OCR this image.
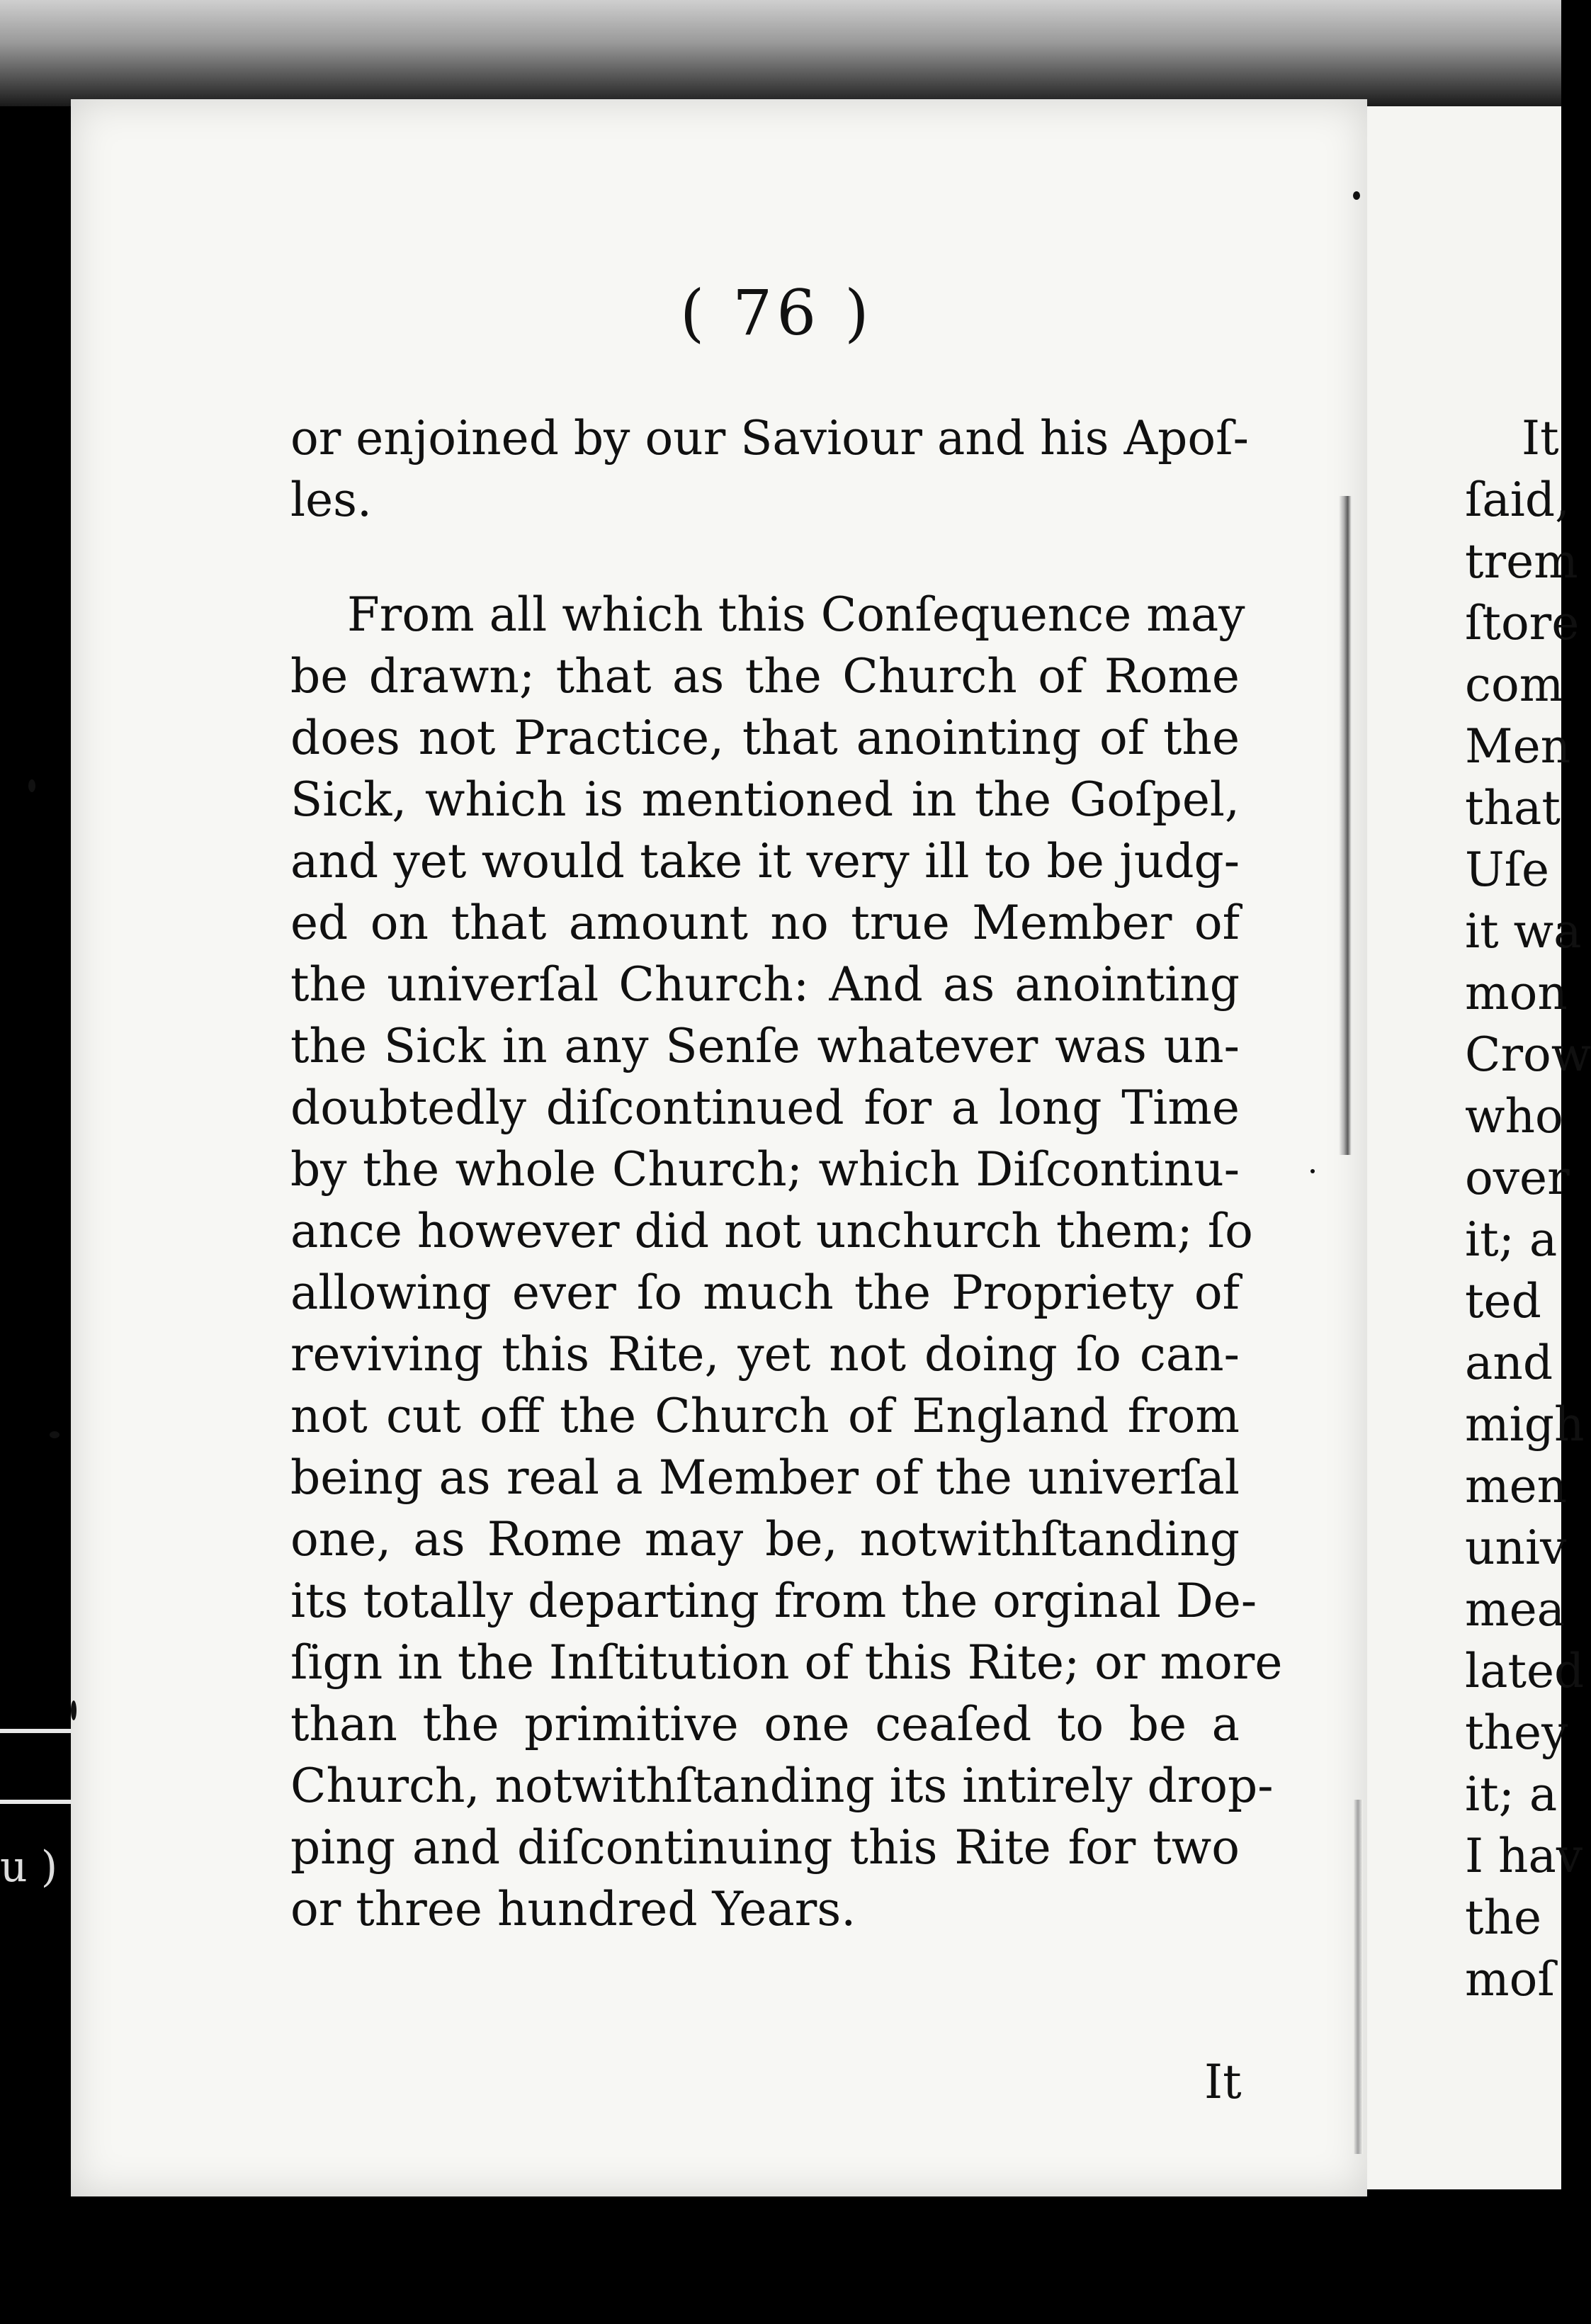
( 76 )
or enjoined by our Saviour and his Apoſ-
les.
From all which this Conſequence may
be drawn; that as the Church of Rome
does not Practice, that anointing of the
Sick, which is mentioned in the Goſpel,
and yet would take it very ill to be judg-
ed on that amount no true Member of
the univerſal Church: And as anointing
the Sick in any Senſe whatever was un-
doubtedly diſcontinued for a long Time
by the whole Church; which Diſcontinu-
ance however did not unchurch them; ſo
allowing ever ſo much the Propriety of
reviving this Rite, yet not doing ſo can-
not cut off the Church of England from
being as real a Member of the univerſal
one, as Rome may be, notwithſtanding
its totally departing from the orginal De-
ſign in the Inſtitution of this Rite; or more
than the primitive one ceaſed to be a
Church, notwithſtanding its intirely drop-
ping and diſcontinuing this Rite for two
or three hundred Years.
It
It
ſaid,
trem
ſtore
com
Men
that
Uſe
it wa
mon
Crow
who
over
it; a
ted
and
migh
men
univ
mea
lated
they
it; a
I hav
the
moſ
u )
